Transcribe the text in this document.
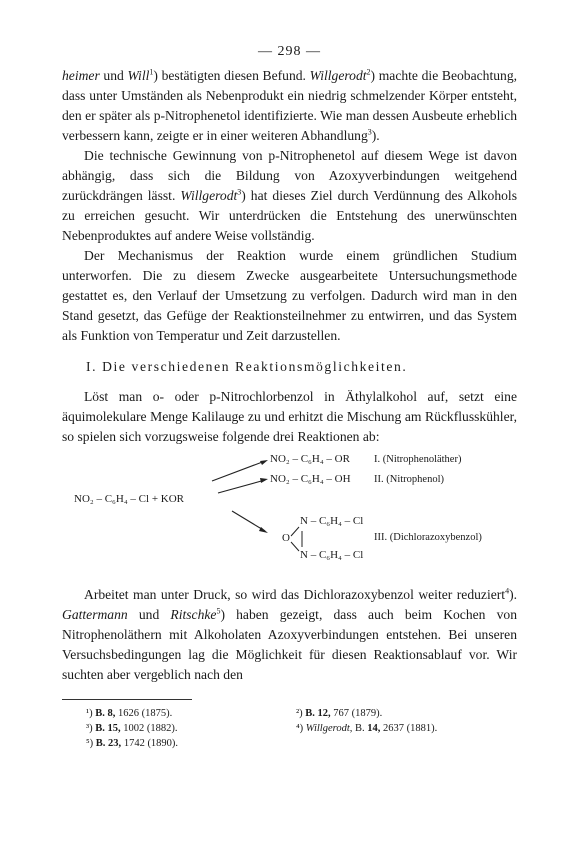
— 298 —

heimer und Will$^1$) bestätigten diesen Befund. Willgerodt$^2$) machte die Beobachtung, dass unter Umständen als Nebenprodukt ein niedrig schmelzender Körper entsteht, den er später als p-Nitrophenetol identifizierte. Wie man dessen Ausbeute erheblich verbessern kann, zeigte er in einer weiteren Abhandlung$^3$).

Die technische Gewinnung von p-Nitrophenetol auf diesem Wege ist davon abhängig, dass sich die Bildung von Azoxyverbindungen weitgehend zurückdrängen lässt. Willgerodt$^3$) hat dieses Ziel durch Verdünnung des Alkohols zu erreichen gesucht. Wir unterdrücken die Entstehung des unerwünschten Nebenproduktes auf andere Weise vollständig.

Der Mechanismus der Reaktion wurde einem gründlichen Studium unterworfen. Die zu diesem Zwecke ausgearbeitete Untersuchungsmethode gestattet es, den Verlauf der Umsetzung zu verfolgen. Dadurch wird man in den Stand gesetzt, das Gefüge der Reaktionsteilnehmer zu entwirren, und das System als Funktion von Temperatur und Zeit darzustellen.

I. Die verschiedenen Reaktionsmöglichkeiten.

Löst man o- oder p-Nitrochlorbenzol in Äthylalkohol auf, setzt eine äquimolekulare Menge Kalilauge zu und erhitzt die Mischung am Rückflusskühler, so spielen sich vorzugsweise folgende drei Reaktionen ab:

NO₂ – C₆H₄ – OR I. (Nitrophenoläther)
NO₂ – C₆H₄ – OH II. (Nitrophenol)
NO₂ – C₆H₄ – Cl + KOR
N – C₆H₄ – Cl
O
N – C₆H₄ – Cl
III. (Dichlorazoxybenzol)

Arbeitet man unter Druck, so wird das Dichlorazoxybenzol weiter reduziert$^4$). Gattermann und Ritschke$^5$) haben gezeigt, dass auch beim Kochen von Nitrophenoläthern mit Alkoholaten Azoxyverbindungen entstehen. Bei unseren Versuchsbedingungen lag die Möglichkeit für diesen Reaktionsablauf vor. Wir suchten aber vergeblich nach den

¹) B. 8, 1626 (1875).	²) B. 12, 767 (1879).
³) B. 15, 1002 (1882).	⁴) Willgerodt, B. 14, 2637 (1881).
⁵) B. 23, 1742 (1890).
